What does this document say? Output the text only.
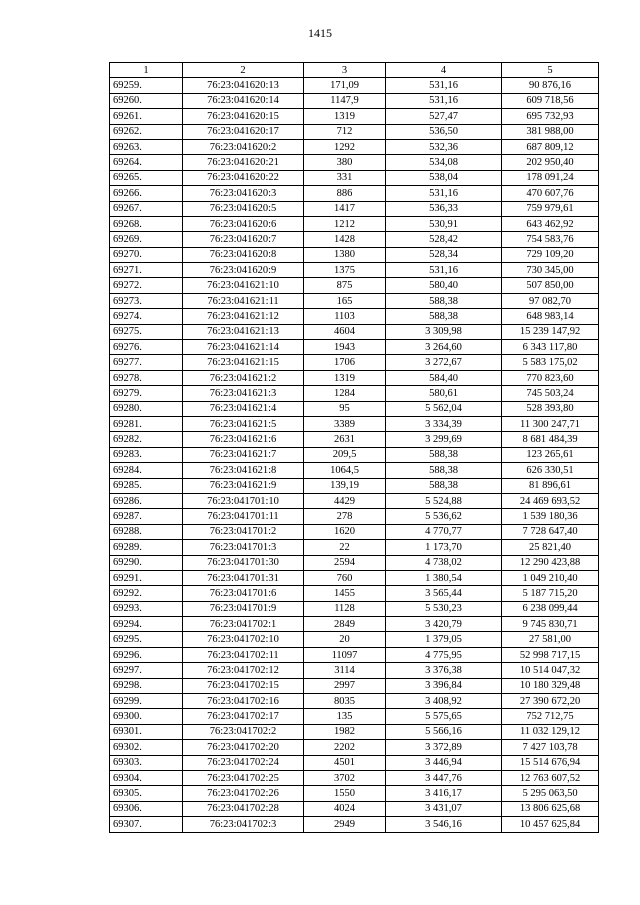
1415
1	2	3	4	5
69259.	76:23:041620:13	171,09	531,16	90 876,16
69260.	76:23:041620:14	1147,9	531,16	609 718,56
69261.	76:23:041620:15	1319	527,47	695 732,93
69262.	76:23:041620:17	712	536,50	381 988,00
69263.	76:23:041620:2	1292	532,36	687 809,12
69264.	76:23:041620:21	380	534,08	202 950,40
69265.	76:23:041620:22	331	538,04	178 091,24
69266.	76:23:041620:3	886	531,16	470 607,76
69267.	76:23:041620:5	1417	536,33	759 979,61
69268.	76:23:041620:6	1212	530,91	643 462,92
69269.	76:23:041620:7	1428	528,42	754 583,76
69270.	76:23:041620:8	1380	528,34	729 109,20
69271.	76:23:041620:9	1375	531,16	730 345,00
69272.	76:23:041621:10	875	580,40	507 850,00
69273.	76:23:041621:11	165	588,38	97 082,70
69274.	76:23:041621:12	1103	588,38	648 983,14
69275.	76:23:041621:13	4604	3 309,98	15 239 147,92
69276.	76:23:041621:14	1943	3 264,60	6 343 117,80
69277.	76:23:041621:15	1706	3 272,67	5 583 175,02
69278.	76:23:041621:2	1319	584,40	770 823,60
69279.	76:23:041621:3	1284	580,61	745 503,24
69280.	76:23:041621:4	95	5 562,04	528 393,80
69281.	76:23:041621:5	3389	3 334,39	11 300 247,71
69282.	76:23:041621:6	2631	3 299,69	8 681 484,39
69283.	76:23:041621:7	209,5	588,38	123 265,61
69284.	76:23:041621:8	1064,5	588,38	626 330,51
69285.	76:23:041621:9	139,19	588,38	81 896,61
69286.	76:23:041701:10	4429	5 524,88	24 469 693,52
69287.	76:23:041701:11	278	5 536,62	1 539 180,36
69288.	76:23:041701:2	1620	4 770,77	7 728 647,40
69289.	76:23:041701:3	22	1 173,70	25 821,40
69290.	76:23:041701:30	2594	4 738,02	12 290 423,88
69291.	76:23:041701:31	760	1 380,54	1 049 210,40
69292.	76:23:041701:6	1455	3 565,44	5 187 715,20
69293.	76:23:041701:9	1128	5 530,23	6 238 099,44
69294.	76:23:041702:1	2849	3 420,79	9 745 830,71
69295.	76:23:041702:10	20	1 379,05	27 581,00
69296.	76:23:041702:11	11097	4 775,95	52 998 717,15
69297.	76:23:041702:12	3114	3 376,38	10 514 047,32
69298.	76:23:041702:15	2997	3 396,84	10 180 329,48
69299.	76:23:041702:16	8035	3 408,92	27 390 672,20
69300.	76:23:041702:17	135	5 575,65	752 712,75
69301.	76:23:041702:2	1982	5 566,16	11 032 129,12
69302.	76:23:041702:20	2202	3 372,89	7 427 103,78
69303.	76:23:041702:24	4501	3 446,94	15 514 676,94
69304.	76:23:041702:25	3702	3 447,76	12 763 607,52
69305.	76:23:041702:26	1550	3 416,17	5 295 063,50
69306.	76:23:041702:28	4024	3 431,07	13 806 625,68
69307.	76:23:041702:3	2949	3 546,16	10 457 625,84
